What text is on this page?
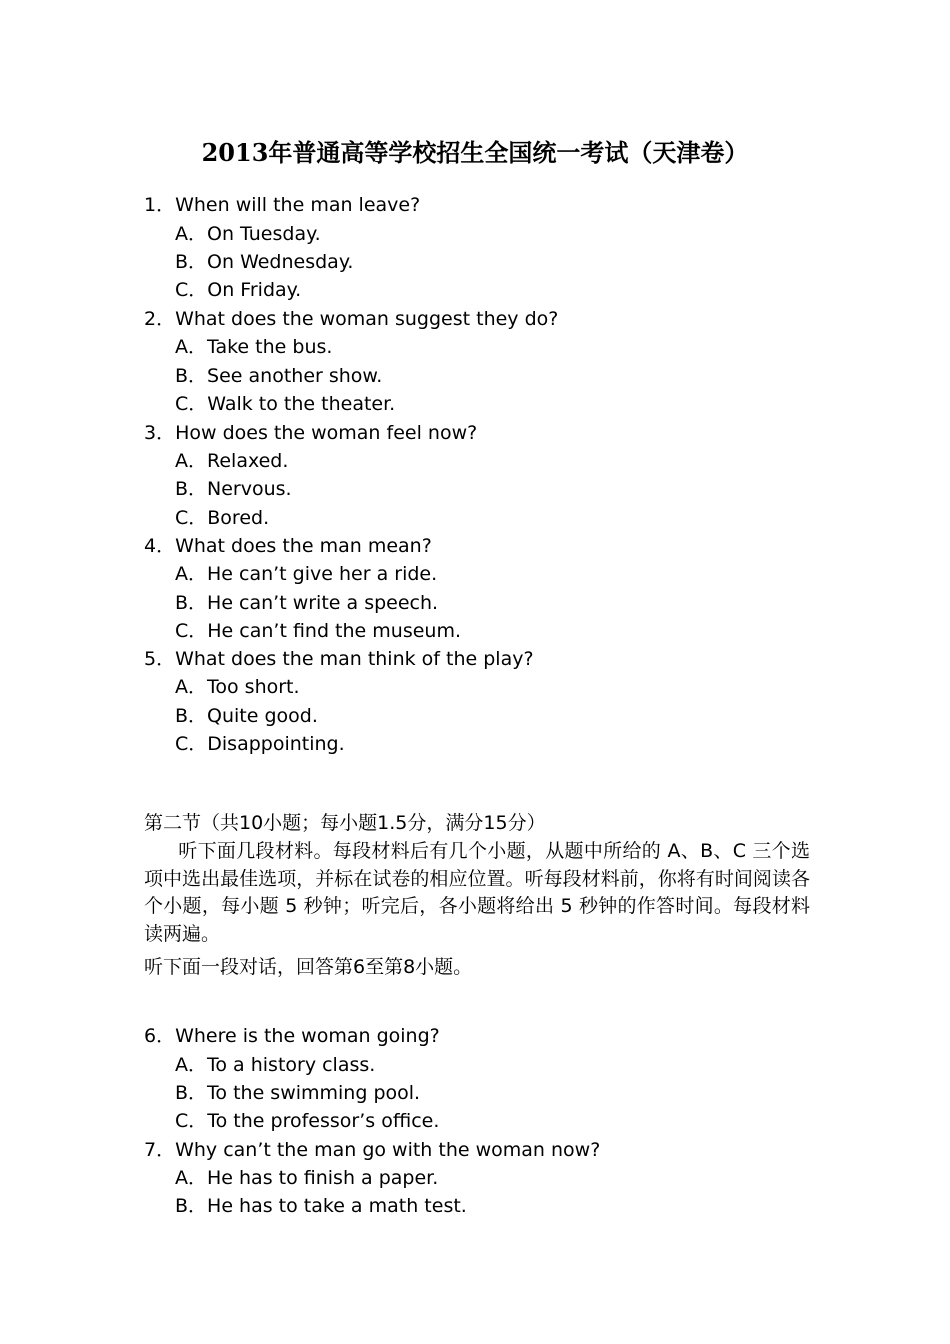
2013年普通高等学校招生全国统一考试（天津卷）
1．When will the man leave?
A．On Tuesday.
B．On Wednesday.
C．On Friday.
2．What does the woman suggest they do?
A．Take the bus.
B．See another show.
C．Walk to the theater.
3．How does the woman feel now?
A．Relaxed.
B．Nervous.
C．Bored.
4．What does the man mean?
A．He can’t give her a ride.
B．He can’t write a speech.
C．He can’t find the museum.
5．What does the man think of the play?
A．Too short.
B．Quite good.
C．Disappointing.
第二节（共10小题；每小题1.5分，满分15分）
听下面几段材料。每段材料后有几个小题，从题中所给的 A、B、C 三个选项中选出最佳选项，并标在试卷的相应位置。听每段材料前，你将有时间阅读各个小题，每小题 5 秒钟；听完后，各小题将给出 5 秒钟的作答时间。每段材料读两遍。
听下面一段对话，回答第6至第8小题。
6．Where is the woman going?
A．To a history class.
B．To the swimming pool.
C．To the professor’s office.
7．Why can’t the man go with the woman now?
A．He has to finish a paper.
B．He has to take a math test.
